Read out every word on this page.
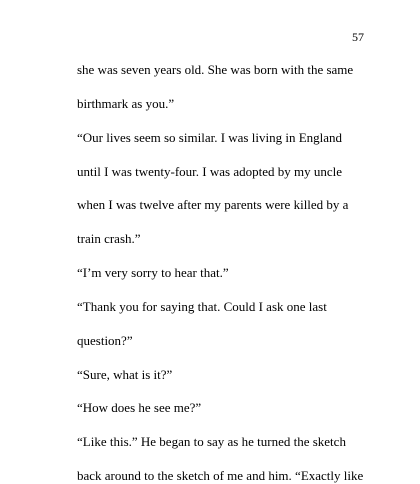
57
she was seven years old. She was born with the same
birthmark as you.”
“Our lives seem so similar. I was living in England
until I was twenty-four. I was adopted by my uncle
when I was twelve after my parents were killed by a
train crash.”
“I’m very sorry to hear that.”
“Thank you for saying that. Could I ask one last
question?”
“Sure, what is it?”
“How does he see me?”
“Like this.” He began to say as he turned the sketch
back around to the sketch of me and him. “Exactly like
